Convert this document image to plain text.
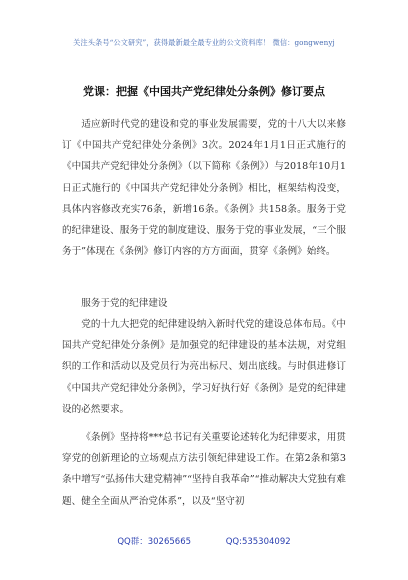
关注头条号“公文研究”，获得最新最全最专业的公文资料库！ 微信：gongwenyj
党课：把握《中国共产党纪律处分条例》修订要点
适应新时代党的建设和党的事业发展需要，党的十八大以来修订《中国共产党纪律处分条例》3次。2024年1月1日正式施行的《中国共产党纪律处分条例》（以下简称《条例》）与2018年10月1日正式施行的《中国共产党纪律处分条例》相比，框架结构没变，具体内容修改充实76条，新增16条。《条例》共158条。服务于党的纪律建设、服务于党的制度建设、服务于党的事业发展，“三个服务于”体现在《条例》修订内容的方方面面，贯穿《条例》始终。
服务于党的纪律建设
党的十九大把党的纪律建设纳入新时代党的建设总体布局。《中国共产党纪律处分条例》是加强党的纪律建设的基本法规，对党组织的工作和活动以及党员行为亮出标尺、划出底线。与时俱进修订《中国共产党纪律处分条例》，学习好执行好《条例》是党的纪律建设的必然要求。
《条例》坚持将***总书记有关重要论述转化为纪律要求，用贯穿党的创新理论的立场观点方法引领纪律建设工作。在第2条和第3条中增写“弘扬伟大建党精神”“坚持自我革命”“推动解决大党独有难题、健全全面从严治党体系”，以及“坚守初
QQ群：30265665	QQ:535304092
